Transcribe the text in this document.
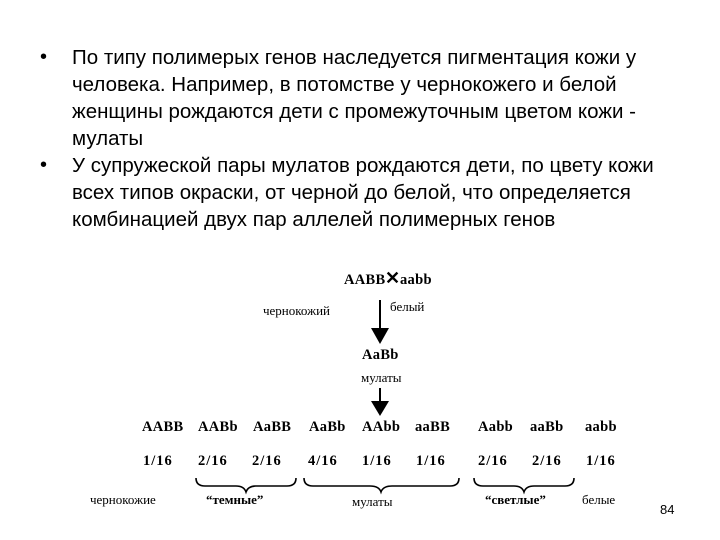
• По типу полимерых генов наследуется пигментация кожи у человека. Например, в потомстве у чернокожего и белой женщины рождаются дети с промежуточным цветом кожи - мулаты
• У супружеской пары мулатов рождаются дети, по цвету кожи всех типов окраски, от черной до белой, что определяется комбинацией двух пар аллелей полимерных генов
AABB ✕ aabb
чернокожий	белый
AaBb
мулаты
AABB AABb AaBB AaBb AAbb aaBB Aabb aaBb aabb
1/16 2/16 2/16 4/16 1/16 1/16 2/16 2/16 1/16
чернокожие	“темные”	мулаты	“светлые”	белые
84
